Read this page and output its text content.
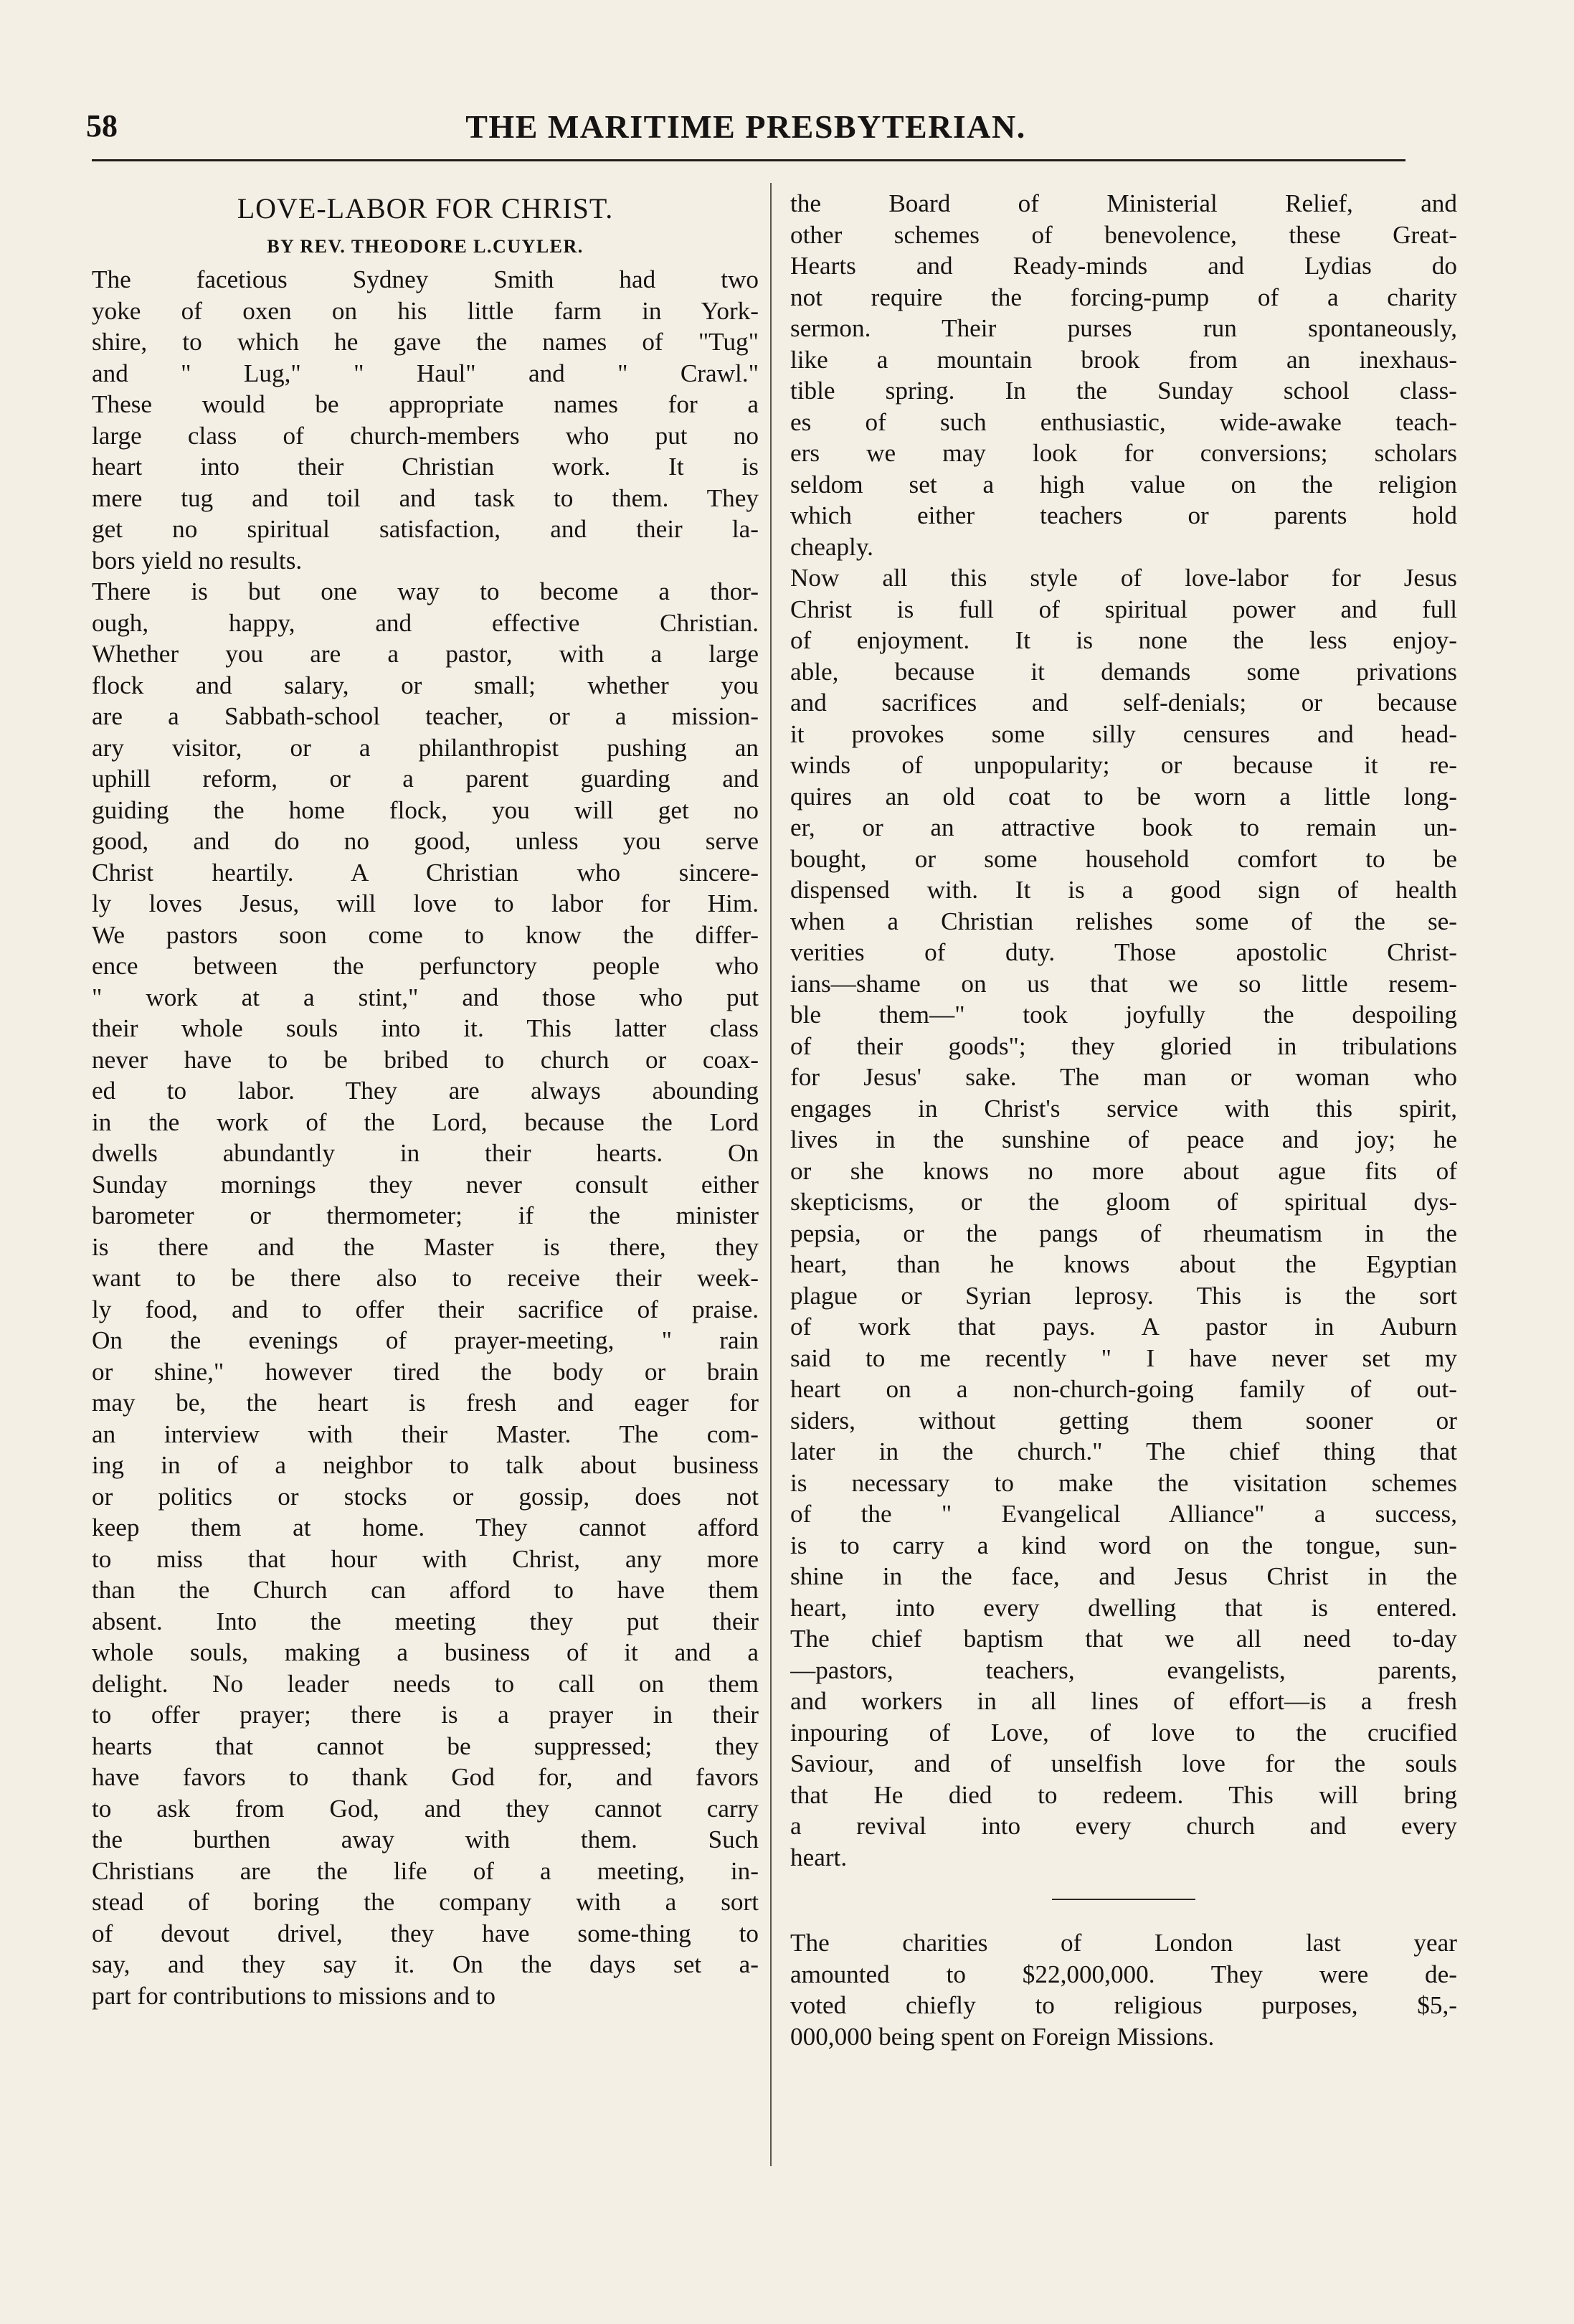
58	THE MARITIME PRESBYTERIAN.
LOVE-LABOR FOR CHRIST.
BY REV. THEODORE L.CUYLER.
The facetious Sydney Smith had two
yoke of oxen on his little farm in York-
shire, to which he gave the names of "Tug"
and " Lug," " Haul" and " Crawl."
These would be appropriate names for a
large class of church-members who put no
heart into their Christian work. It is
mere tug and toil and task to them. They
get no spiritual satisfaction, and their la-
bors yield no results.
There is but one way to become a thor-
ough, happy, and effective Christian.
Whether you are a pastor, with a large
flock and salary, or small; whether you
are a Sabbath-school teacher, or a mission-
ary visitor, or a philanthropist pushing an
uphill reform, or a parent guarding and
guiding the home flock, you will get no
good, and do no good, unless you serve
Christ heartily. A Christian who sincere-
ly loves Jesus, will love to labor for Him.
We pastors soon come to know the differ-
ence between the perfunctory people who
" work at a stint," and those who put
their whole souls into it. This latter class
never have to be bribed to church or coax-
ed to labor. They are always abounding
in the work of the Lord, because the Lord
dwells abundantly in their hearts. On
Sunday mornings they never consult either
barometer or thermometer; if the minister
is there and the Master is there, they
want to be there also to receive their week-
ly food, and to offer their sacrifice of praise.
On the evenings of prayer-meeting, " rain
or shine," however tired the body or brain
may be, the heart is fresh and eager for
an interview with their Master. The com-
ing in of a neighbor to talk about business
or politics or stocks or gossip, does not
keep them at home. They cannot afford
to miss that hour with Christ, any more
than the Church can afford to have them
absent. Into the meeting they put their
whole souls, making a business of it and a
delight. No leader needs to call on them
to offer prayer; there is a prayer in their
hearts that cannot be suppressed; they
have favors to thank God for, and favors
to ask from God, and they cannot carry
the burthen away with them. Such
Christians are the life of a meeting, in-
stead of boring the company with a sort
of devout drivel, they have some-thing to
say, and they say it. On the days set a-
part for contributions to missions and to
the Board of Ministerial Relief, and
other schemes of benevolence, these Great-
Hearts and Ready-minds and Lydias do
not require the forcing-pump of a charity
sermon. Their purses run spontaneously,
like a mountain brook from an inexhaus-
tible spring. In the Sunday school class-
es of such enthusiastic, wide-awake teach-
ers we may look for conversions; scholars
seldom set a high value on the religion
which either teachers or parents hold
cheaply.
Now all this style of love-labor for Jesus
Christ is full of spiritual power and full
of enjoyment. It is none the less enjoy-
able, because it demands some privations
and sacrifices and self-denials; or because
it provokes some silly censures and head-
winds of unpopularity; or because it re-
quires an old coat to be worn a little long-
er, or an attractive book to remain un-
bought, or some household comfort to be
dispensed with. It is a good sign of health
when a Christian relishes some of the se-
verities of duty. Those apostolic Christ-
ians—shame on us that we so little resem-
ble them—" took joyfully the despoiling
of their goods"; they gloried in tribulations
for Jesus' sake. The man or woman who
engages in Christ's service with this spirit,
lives in the sunshine of peace and joy; he
or she knows no more about ague fits of
skepticisms, or the gloom of spiritual dys-
pepsia, or the pangs of rheumatism in the
heart, than he knows about the Egyptian
plague or Syrian leprosy. This is the sort
of work that pays. A pastor in Auburn
said to me recently " I have never set my
heart on a non-church-going family of out-
siders, without getting them sooner or
later in the church." The chief thing that
is necessary to make the visitation schemes
of the " Evangelical Alliance" a success,
is to carry a kind word on the tongue, sun-
shine in the face, and Jesus Christ in the
heart, into every dwelling that is entered.
The chief baptism that we all need to-day
—pastors, teachers, evangelists, parents,
and workers in all lines of effort—is a fresh
inpouring of Love, of love to the crucified
Saviour, and of unselfish love for the souls
that He died to redeem. This will bring
a revival into every church and every
heart.
The charities of London last year
amounted to $22,000,000. They were de-
voted chiefly to religious purposes, $5,-
000,000 being spent on Foreign Missions.
